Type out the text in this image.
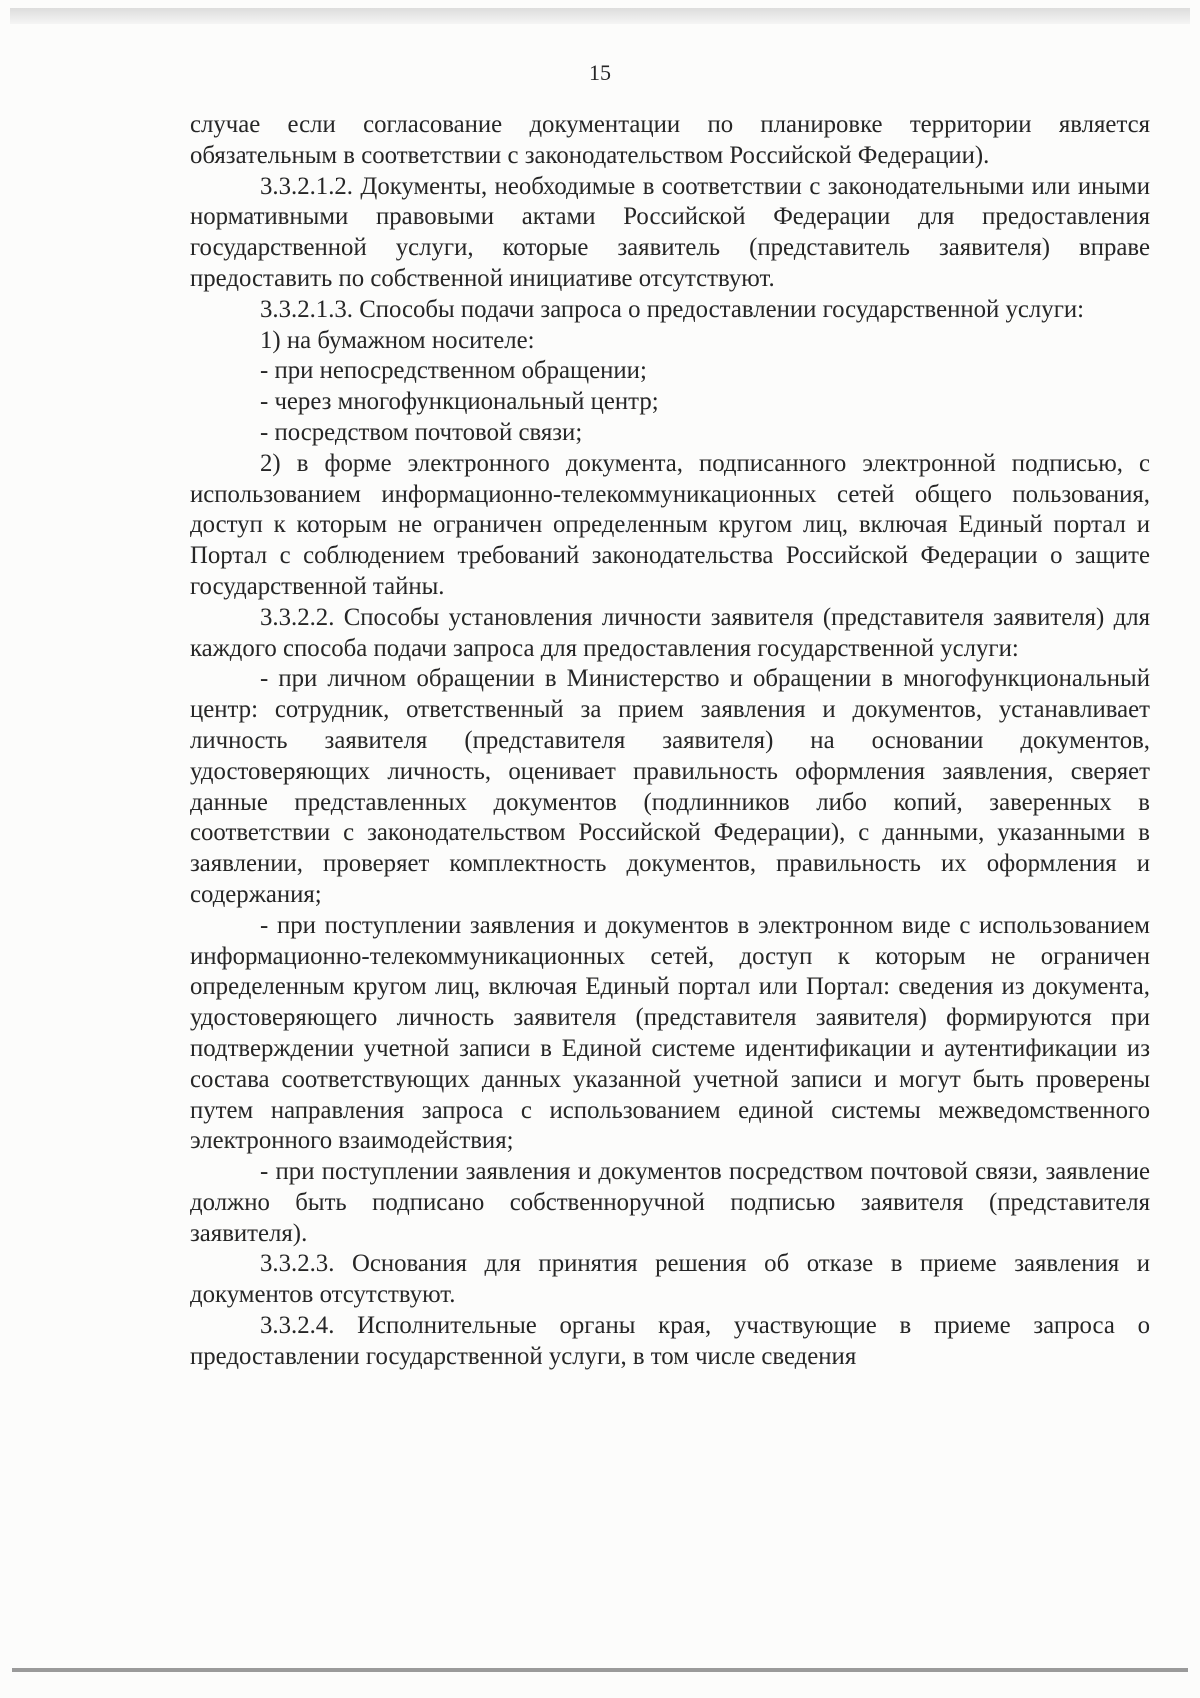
15

случае если согласование документации по планировке территории является обязательным в соответствии с законодательством Российской Федерации).

3.3.2.1.2. Документы, необходимые в соответствии с законодательными или иными нормативными правовыми актами Российской Федерации для предоставления государственной услуги, которые заявитель (представитель заявителя) вправе предоставить по собственной инициативе отсутствуют.

3.3.2.1.3. Способы подачи запроса о предоставлении государственной услуги:

1) на бумажном носителе:

- при непосредственном обращении;

- через многофункциональный центр;

- посредством почтовой связи;

2) в форме электронного документа, подписанного электронной подписью, с использованием информационно-телекоммуникационных сетей общего пользования, доступ к которым не ограничен определенным кругом лиц, включая Единый портал и Портал с соблюдением требований законодательства Российской Федерации о защите государственной тайны.

3.3.2.2. Способы установления личности заявителя (представителя заявителя) для каждого способа подачи запроса для предоставления государственной услуги:

- при личном обращении в Министерство и обращении в многофункциональный центр: сотрудник, ответственный за прием заявления и документов, устанавливает личность заявителя (представителя заявителя) на основании документов, удостоверяющих личность, оценивает правильность оформления заявления, сверяет данные представленных документов (подлинников либо копий, заверенных в соответствии с законодательством Российской Федерации), с данными, указанными в заявлении, проверяет комплектность документов, правильность их оформления и содержания;

- при поступлении заявления и документов в электронном виде с использованием информационно-телекоммуникационных сетей, доступ к которым не ограничен определенным кругом лиц, включая Единый портал или Портал: сведения из документа, удостоверяющего личность заявителя (представителя заявителя) формируются при подтверждении учетной записи в Единой системе идентификации и аутентификации из состава соответствующих данных указанной учетной записи и могут быть проверены путем направления запроса с использованием единой системы межведомственного электронного взаимодействия;

- при поступлении заявления и документов посредством почтовой связи, заявление должно быть подписано собственноручной подписью заявителя (представителя заявителя).

3.3.2.3. Основания для принятия решения об отказе в приеме заявления и документов отсутствуют.

3.3.2.4. Исполнительные органы края, участвующие в приеме запроса о предоставлении государственной услуги, в том числе сведения
